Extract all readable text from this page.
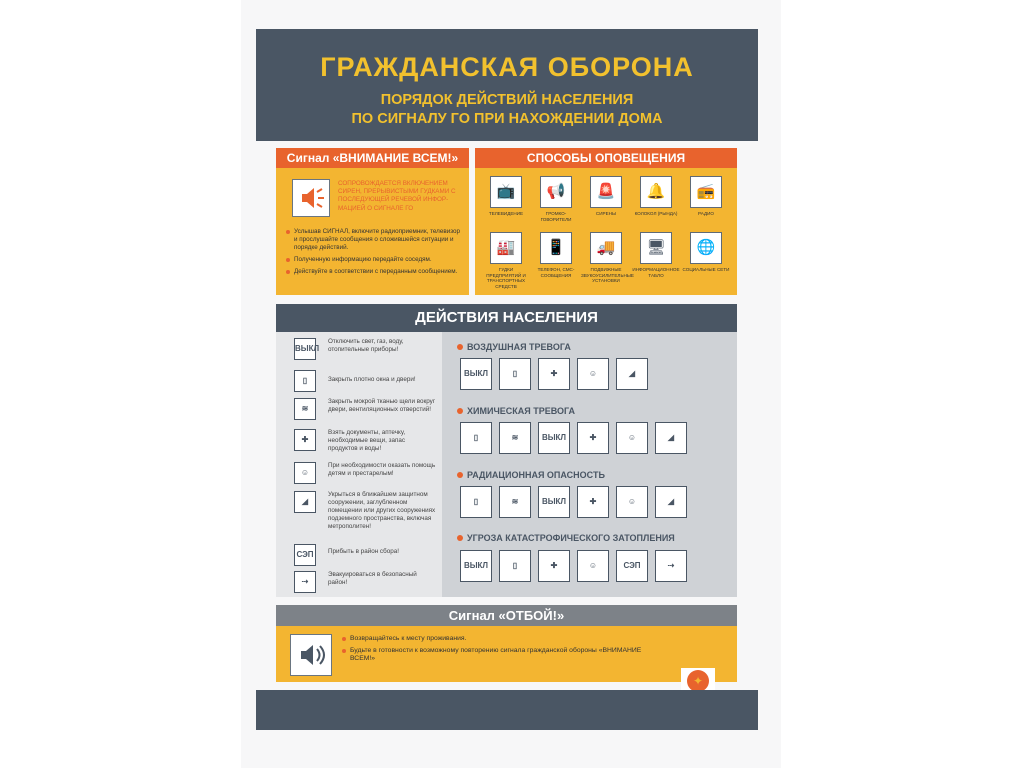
ГРАЖДАНСКАЯ ОБОРОНА
ПОРЯДОК ДЕЙСТВИЙ НАСЕЛЕНИЯ
ПО СИГНАЛУ ГО ПРИ НАХОЖДЕНИИ ДОМА
Сигнал «ВНИМАНИЕ ВСЕМ!»
СОПРОВОЖДАЕТСЯ ВКЛЮЧЕНИЕМ СИРЕН, ПРЕРЫВИСТЫМИ ГУДКАМИ С ПОСЛЕДУЮЩЕЙ РЕЧЕВОЙ ИНФОР-МАЦИЕЙ О СИГНАЛЕ ГО
Услышав СИГНАЛ, включите радиоприемник, телевизор и прослушайте сообщения о сложившейся ситуации и порядке действий.
Полученную информацию передайте соседям.
Действуйте в соответствии с переданным сообщением.
СПОСОБЫ ОПОВЕЩЕНИЯ
📺
ТЕЛЕВИДЕНИЕ
📢
ГРОМКО-ГОВОРИТЕЛИ
🚨
СИРЕНЫ
🔔
КОЛОКОЛ (РЫНДА)
📻
РАДИО
🏭
ГУДКИ ПРЕДПРИЯТИЙ И ТРАНСПОРТНЫХ СРЕДСТВ
📱
ТЕЛЕФОН, СМС-СООБЩЕНИЯ
🚚
ПОДВИЖНЫЕ ЗВУКОУСИЛИТЕЛЬНЫЕ УСТАНОВКИ
🖥
ИНФОРМАЦИОННОЕ ТАБЛО
🌐
СОЦИАЛЬНЫЕ СЕТИ
ДЕЙСТВИЯ НАСЕЛЕНИЯ
ВЫКЛ
Отключить свет, газ, воду, отопительные приборы!
▯	Закрыть плотно окна и двери!
≋
Закрыть мокрой тканью щели вокруг двери, вентиляционных отверстий!
✚
Взять документы, аптечку, необходимые вещи, запас продуктов и воды!
☺
При необходимости оказать помощь детям и престарелым!
◢
Укрыться в ближайшем защитном сооружении, заглубленном помещении или других сооружениях подземного пространства, включая метрополитен!
СЭП	Прибыть в район сбора!
⇢
Эвакуироваться в безопасный район!
ВОЗДУШНАЯ ТРЕВОГА
ВЫКЛ	▯	✚	☺	◢
ХИМИЧЕСКАЯ ТРЕВОГА
▯	≋	ВЫКЛ	✚	☺	◢
РАДИАЦИОННАЯ ОПАСНОСТЬ
▯	≋	ВЫКЛ	✚	☺	◢
УГРОЗА КАТАСТРОФИЧЕСКОГО ЗАТОПЛЕНИЯ
ВЫКЛ	▯	✚	☺	СЭП	⇢
Сигнал «ОТБОЙ!»
Возвращайтесь к месту проживания.
Будьте в готовности к возможному повторению сигнала гражданской обороны «ВНИМАНИЕ ВСЕМ!»
✦
